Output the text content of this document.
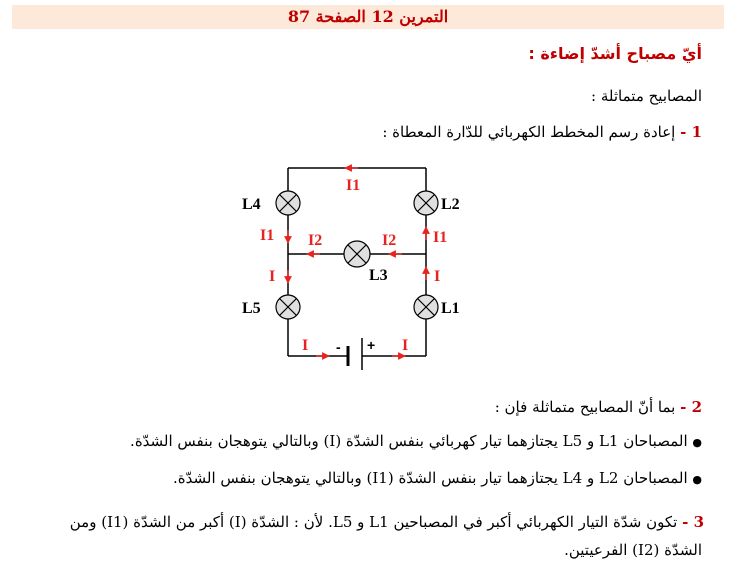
التمرين 12 الصفحة 87
أيّ مصباح أشدّ إضاءة :
المصابيح متماثلة :
1 - إعادة رسم المخطط الكهربائي للدّارة المعطاة :
- +
L4	L2
L3
L5	L1
I1
I1	I1
I2	I2
I	I
I	I
2 - بما أنّ المصابيح متماثلة فإن :
● المصباحان L1 و L5 يجتازهما تيار كهربائي بنفس الشدّة (I) وبالتالي يتوهجان بنفس الشدّة.
● المصباحان L2 و L4 يجتازهما تيار بنفس الشدّة (I1) وبالتالي يتوهجان بنفس الشدّة.
3 - تكون شدّة التيار الكهربائي أكبر في المصباحين L1 و L5. لأن : الشدّة (I) أكبر من الشدّة (I1) ومن
الشدّة (I2) الفرعيتين.
